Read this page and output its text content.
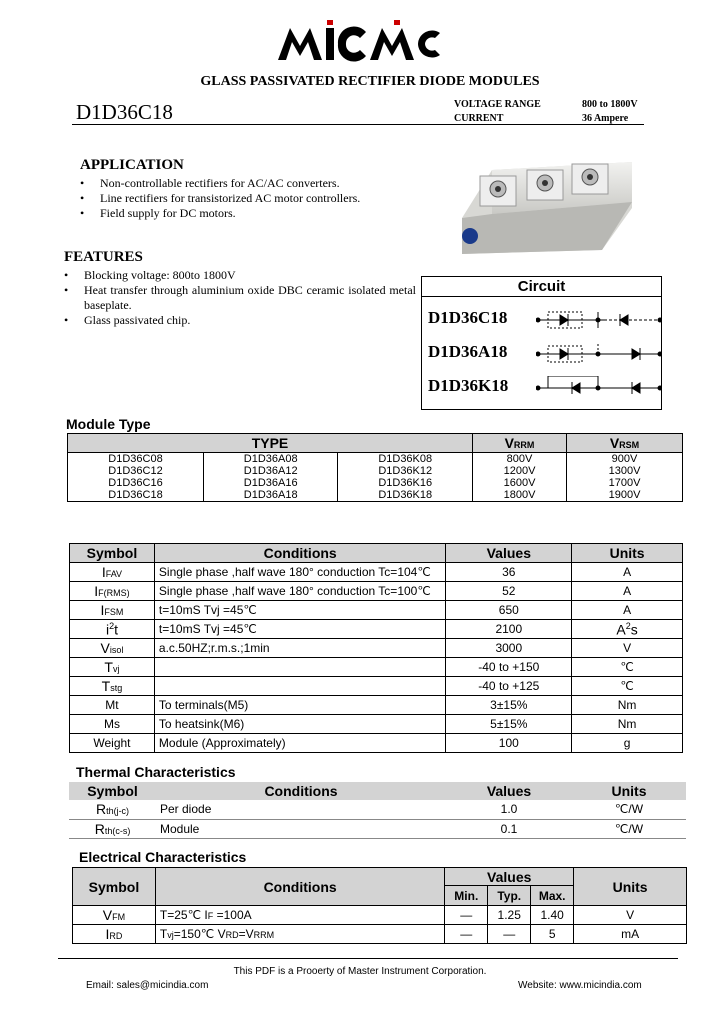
GLASS PASSIVATED RECTIFIER DIODE MODULES
D1D36C18	VOLTAGE RANGE	800 to 1800V
CURRENT	36 Ampere
APPLICATION
• Non-controllable rectifiers for AC/AC converters.
• Line rectifiers for transistorized AC motor controllers.
• Field supply for DC motors.
FEATURES
• Blocking voltage: 800to 1800V
• Heat transfer through aluminium oxide DBC ceramic isolated metal baseplate.
• Glass passivated chip.
Circuit
D1D36C18
D1D36A18
D1D36K18
Module Type
TYPE			VRRM	VRSM
D1D36C08	D1D36A08	D1D36K08	800V	900V
D1D36C12	D1D36A12	D1D36K12	1200V	1300V
D1D36C16	D1D36A16	D1D36K16	1600V	1700V
D1D36C18	D1D36A18	D1D36K18	1800V	1900V
Symbol	Conditions	Values	Units
IFAV	Single phase ,half wave 180° conduction Tc=104℃	36	A
IF(RMS)	Single phase ,half wave 180° conduction Tc=100℃	52	A
IFSM	t=10mS Tvj =45℃	650	A
$i^2t$	t=10mS Tvj =45℃	2100	$A^2s$
Visol	a.c.50HZ;r.m.s.;1min	3000	V
Tvj		-40 to +150	℃
Tstg		-40 to +125	℃
Mt	To terminals(M5)	3±15%	Nm
Ms	To heatsink(M6)	5±15%	Nm
Weight	Module (Approximately)	100	g
Thermal Characteristics
Symbol	Conditions	Values	Units
Rth(j-c)	Per diode	1.0	℃/W
Rth(c-s)	Module	0.1	℃/W
Electrical Characteristics
Symbol	Conditions	Values			Units
		Min.	Typ.	Max.	
VFM	T=25℃ IF =100A	—	1.25	1.40	V
IRD	Tvj=150℃ VRD=VRRM	—	—	5	mA
This PDF is a Prooerty of Master Instrument Corporation.
Email: sales@micindia.com	Website: www.micindia.com
